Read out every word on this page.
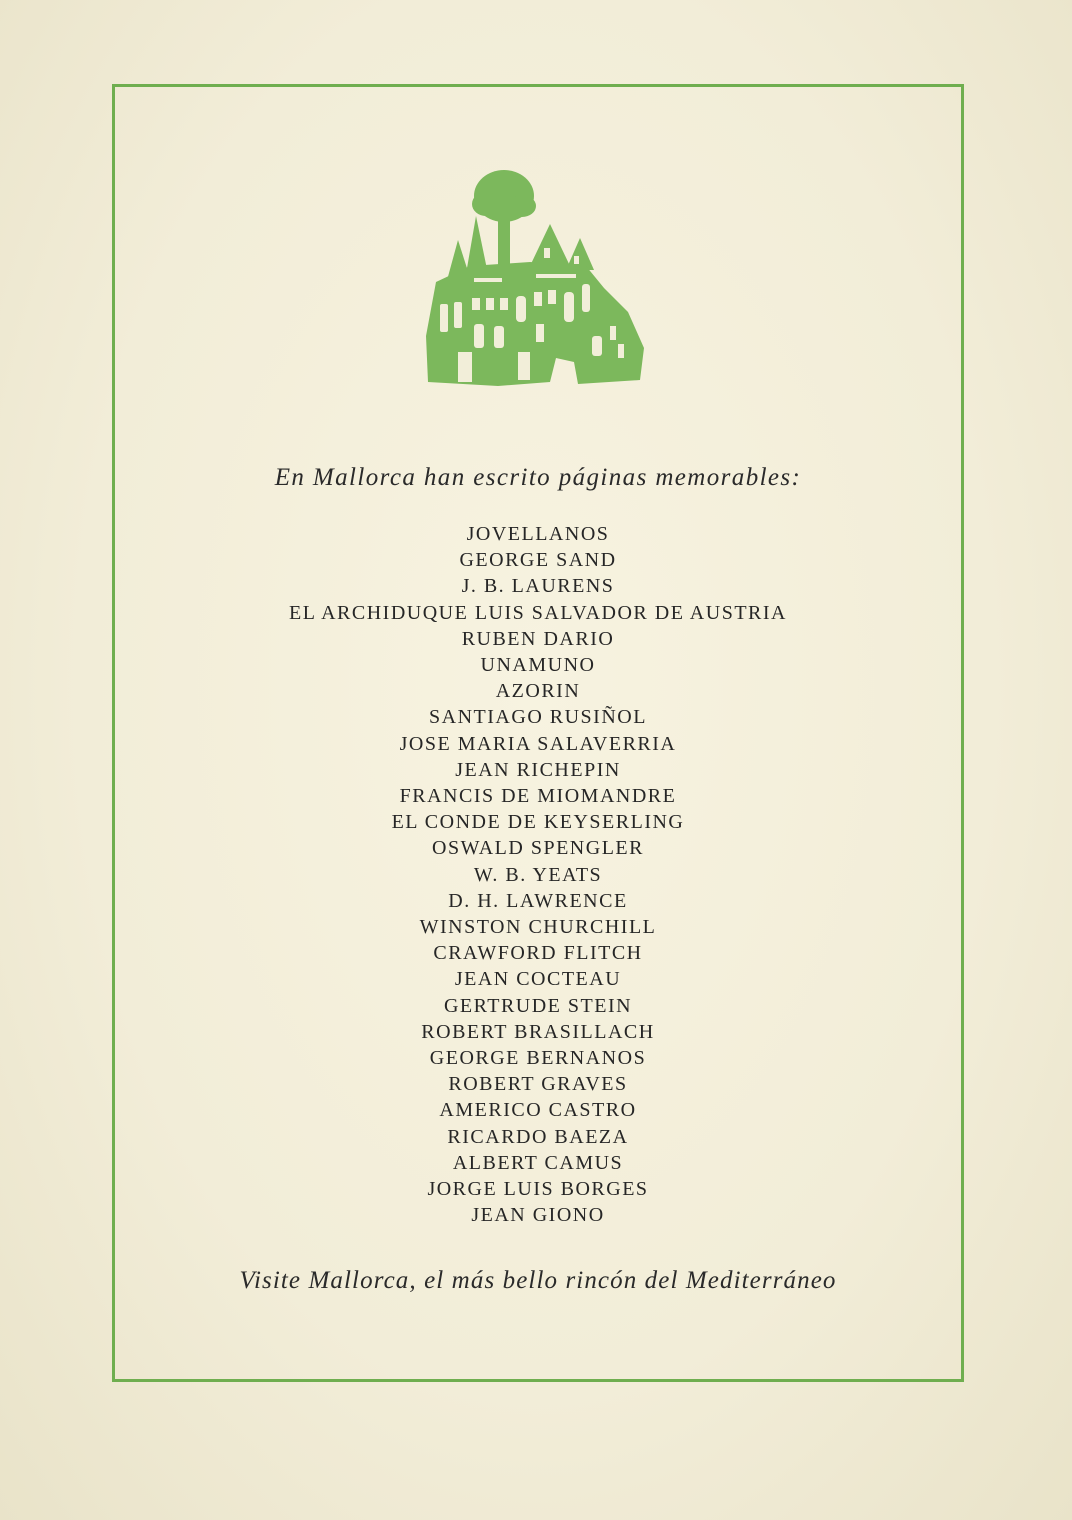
En Mallorca han escrito páginas memorables:
JOVELLANOS
GEORGE SAND
J. B. LAURENS
EL ARCHIDUQUE LUIS SALVADOR DE AUSTRIA
RUBEN DARIO
UNAMUNO
AZORIN
SANTIAGO RUSIÑOL
JOSE MARIA SALAVERRIA
JEAN RICHEPIN
FRANCIS DE MIOMANDRE
EL CONDE DE KEYSERLING
OSWALD SPENGLER
W. B. YEATS
D. H. LAWRENCE
WINSTON CHURCHILL
CRAWFORD FLITCH
JEAN COCTEAU
GERTRUDE STEIN
ROBERT BRASILLACH
GEORGE BERNANOS
ROBERT GRAVES
AMERICO CASTRO
RICARDO BAEZA
ALBERT CAMUS
JORGE LUIS BORGES
JEAN GIONO
Visite Mallorca, el más bello rincón del Mediterráneo
